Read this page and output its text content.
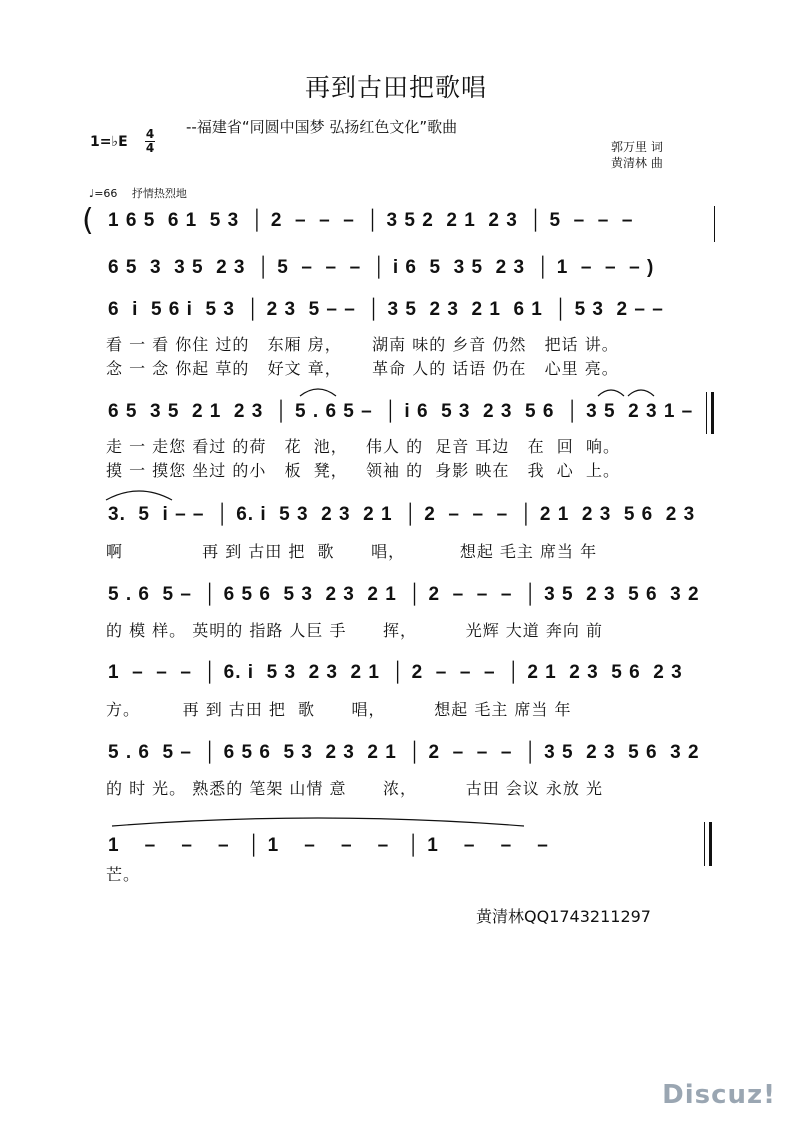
再到古田把歌唱
--福建省“同圆中国梦 弘扬红色文化”歌曲
1=♭E 4
4	郭万里 词
黄清林 曲
♩=66　 抒情热烈地
( 1 6 5  6 1  5 3  │ 2  –  –  –  │ 3 5 2  2 1  2 3  │ 5  –  –  –
6 5  3  3 5  2 3  │ 5  –  –  –  │ i 6  5  3 5  2 3  │ 1  –  –  – )
6  i  5 6 i  5 3  │ 2 3  5 – –  │ 3 5  2 3  2 1  6 1  │ 5 3  2 – –
看 一 看 你住 过的   东厢 房，     湖南 味的 乡音 仍然   把话 讲。
念 一 念 你起 草的   好文 章，     革命 人的 话语 仍在   心里 亮。
6 5  3 5  2 1  2 3  │ 5 . 6 5 –  │ i 6  5 3  2 3  5 6  │ 3 5  2 3 1 –
走 一 走您 看过 的荷   花  池，   伟人 的  足音 耳边   在  回  响。
摸 一 摸您 坐过 的小   板  凳，   领袖 的  身影 映在   我  心  上。
3.  5  i – –  │ 6. i  5 3  2 3  2 1  │ 2  –  –  –  │ 2 1  2 3  5 6  2 3
啊             再 到 古田 把  歌      唱，         想起 毛主 席当 年
5 . 6  5 –  │ 6 5 6  5 3  2 3  2 1  │ 2  –  –  –  │ 3 5  2 3  5 6  3 2
的 模 样。 英明的 指路 人巨 手      挥，        光辉 大道 奔向 前
1  –  –  –  │ 6. i  5 3  2 3  2 1  │ 2  –  –  –  │ 2 1  2 3  5 6  2 3
方。       再 到 古田 把  歌      唱，        想起 毛主 席当 年
5 . 6  5 –  │ 6 5 6  5 3  2 3  2 1  │ 2  –  –  –  │ 3 5  2 3  5 6  3 2
的 时 光。 熟悉的 笔架 山情 意      浓，        古田 会议 永放 光
1    –    –    –   │ 1    –    –    –   │ 1    –    –    –
芒。
黄清林QQ1743211297
Discuz!
